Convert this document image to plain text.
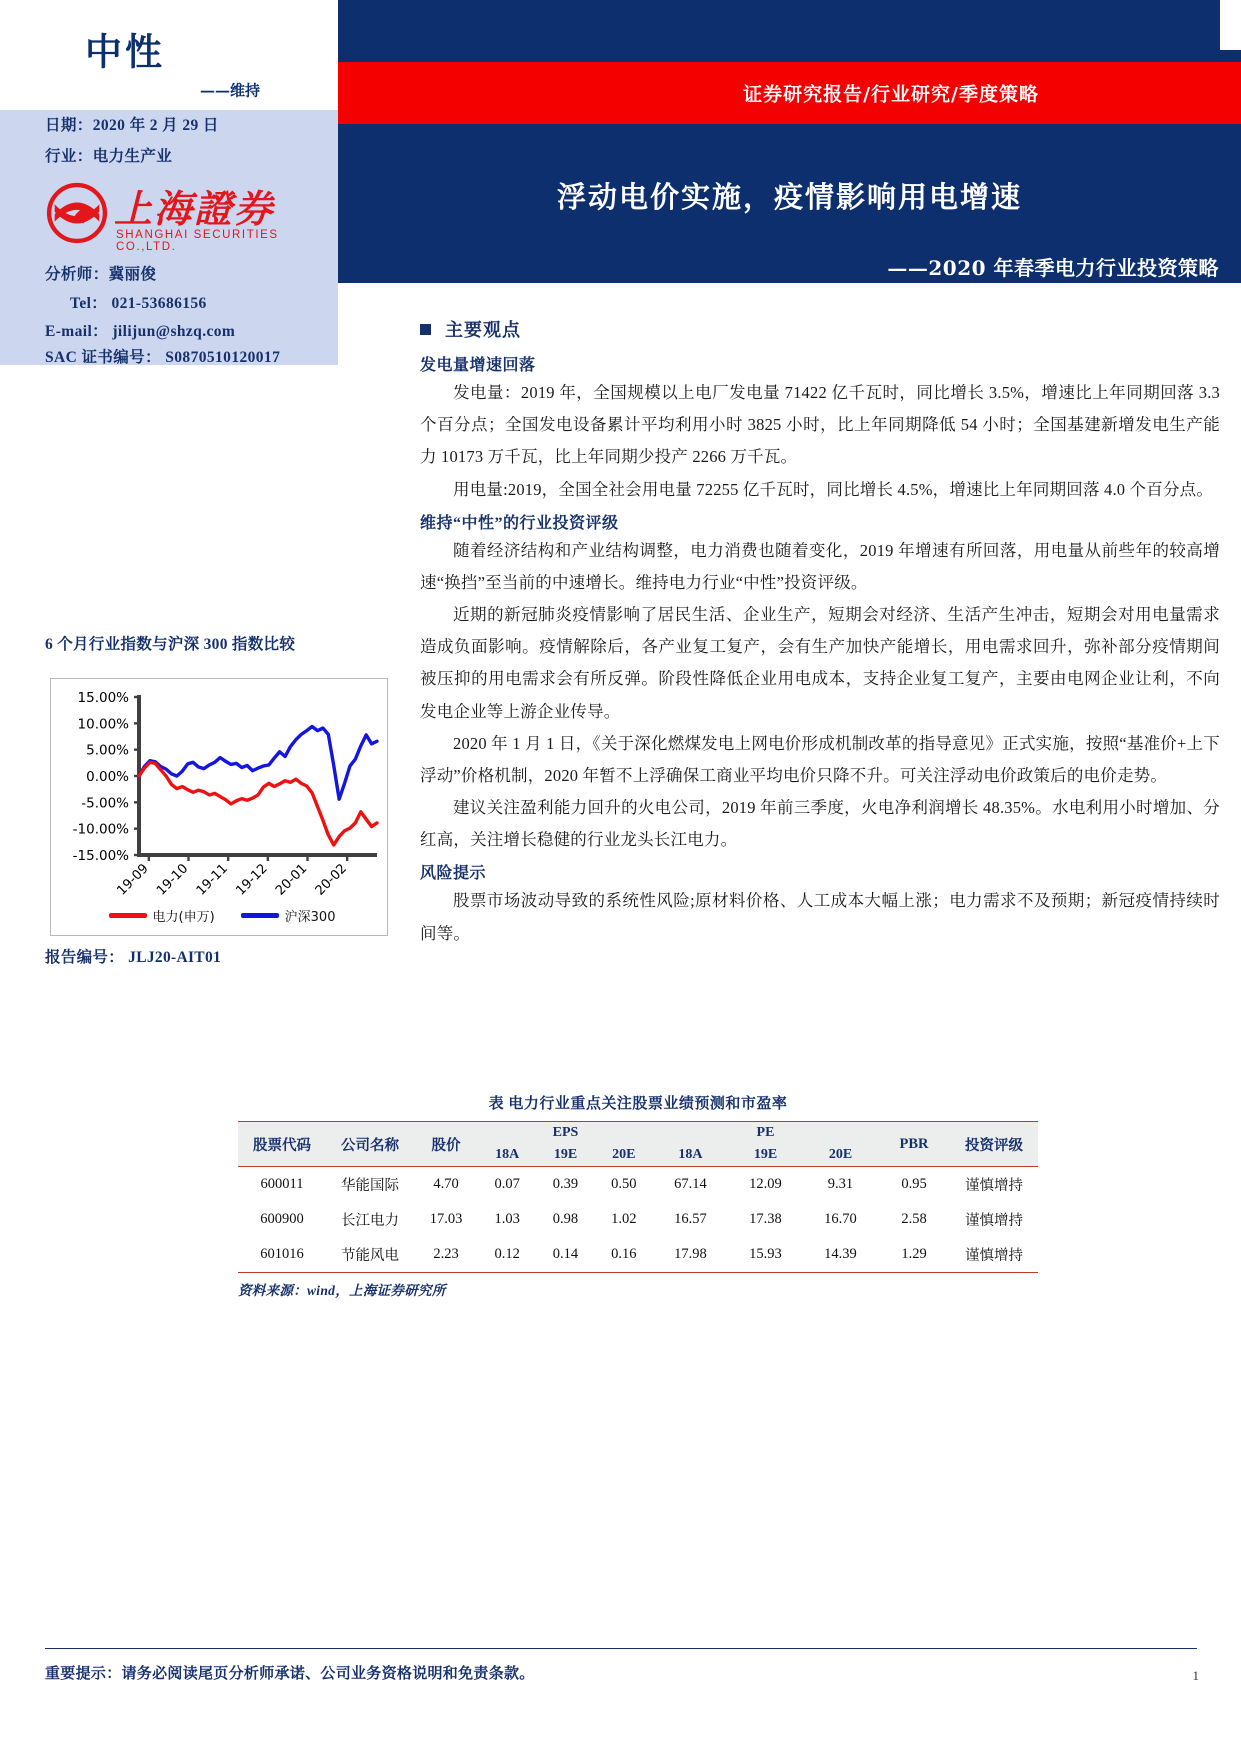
中性
——维持
日期：2020 年 2 月 29 日
行业：电力生产业
上海證券
SHANGHAI SECURITIES CO.,LTD.
分析师：冀丽俊
Tel： 021-53686156
E-mail： jilijun@shzq.com
SAC 证书编号： S0870510120017
6 个月行业指数与沪深 300 指数比较
15.00%
10.00%
5.00%
0.00%
-5.00%
-10.00%
-15.00%
19-09 19-10 19-11 19-12 20-01 20-02
电力(申万)	沪深300
报告编号： JLJ20-AIT01
证券研究报告/行业研究/季度策略
浮动电价实施，疫情影响用电增速
——2020 年春季电力行业投资策略
主要观点
发电量增速回落
发电量：2019 年，全国规模以上电厂发电量 71422 亿千瓦时，同比增长 3.5%，增速比上年同期回落 3.3 个百分点；全国发电设备累计平均利用小时 3825 小时，比上年同期降低 54 小时；全国基建新增发电生产能力 10173 万千瓦，比上年同期少投产 2266 万千瓦。
用电量:2019，全国全社会用电量 72255 亿千瓦时，同比增长 4.5%，增速比上年同期回落 4.0 个百分点。
维持“中性”的行业投资评级
随着经济结构和产业结构调整，电力消费也随着变化，2019 年增速有所回落，用电量从前些年的较高增速“换挡”至当前的中速增长。维持电力行业“中性”投资评级。
近期的新冠肺炎疫情影响了居民生活、企业生产，短期会对经济、生活产生冲击，短期会对用电量需求造成负面影响。疫情解除后，各产业复工复产，会有生产加快产能增长，用电需求回升，弥补部分疫情期间被压抑的用电需求会有所反弹。阶段性降低企业用电成本，支持企业复工复产，主要由电网企业让利，不向发电企业等上游企业传导。
2020 年 1 月 1 日，《关于深化燃煤发电上网电价形成机制改革的指导意见》正式实施，按照“基准价+上下浮动”价格机制，2020 年暂不上浮确保工商业平均电价只降不升。可关注浮动电价政策后的电价走势。
建议关注盈利能力回升的火电公司，2019 年前三季度，火电净利润增长 48.35%。水电利用小时增加、分红高，关注增长稳健的行业龙头长江电力。
风险提示
股票市场波动导致的系统性风险;原材料价格、人工成本大幅上涨；电力需求不及预期；新冠疫情持续时间等。
表 电力行业重点关注股票业绩预测和市盈率
股票代码	公司名称	股价	EPS			PE			PBR	投资评级
			18A	19E	20E	18A	19E	20E		
600011	华能国际	4.70	0.07	0.39	0.50	67.14	12.09	9.31	0.95	谨慎增持
600900	长江电力	17.03	1.03	0.98	1.02	16.57	17.38	16.70	2.58	谨慎增持
601016	节能风电	2.23	0.12	0.14	0.16	17.98	15.93	14.39	1.29	谨慎增持
资料来源：wind，上海证券研究所
重要提示：请务必阅读尾页分析师承诺、公司业务资格说明和免责条款。	1
